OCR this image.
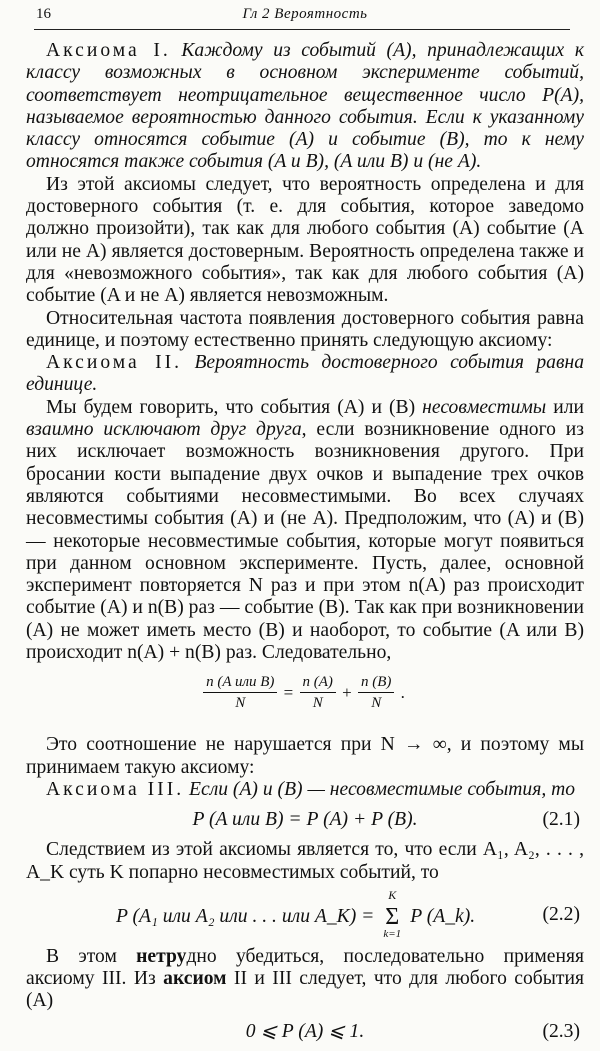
16	Гл 2 Вероятность

Аксиома I. Каждому из событий (A), принадлежащих к классу возможных в основном эксперименте событий, соответствует неотрицательное вещественное число P(A), называемое вероятностью данного события. Если к указанному классу относятся событие (A) и событие (B), то к нему относятся также события (A и B), (A или B) и (не A).

Из этой аксиомы следует, что вероятность определена и для достоверного события (т. е. для события, которое заведомо должно произойти), так как для любого события (A) событие (A или не A) является достоверным. Вероятность определена также и для «невозможного события», так как для любого события (A) событие (A и не A) является невозможным.

Относительная частота появления достоверного события равна единице, и поэтому естественно принять следующую аксиому:

Аксиома II. Вероятность достоверного события равна единице.

Мы будем говорить, что события (A) и (B) несовместимы или взаимно исключают друг друга, если возникновение одного из них исключает возможность возникновения другого. При бросании кости выпадение двух очков и выпадение трех очков являются событиями несовместимыми. Во всех случаях несовместимы события (A) и (не A). Предположим, что (A) и (B) — некоторые несовместимые события, которые могут появиться при данном основном эксперименте. Пусть, далее, основной эксперимент повторяется N раз и при этом n(A) раз происходит событие (A) и n(B) раз — событие (B). Так как при возникновении (A) не может иметь место (B) и наоборот, то событие (A или B) происходит n(A) + n(B) раз. Следовательно,

$\frac{\text{n (A или B)}}{N} = \frac{n (A)}{N} + \frac{n (B)}{N}$ .

Это соотношение не нарушается при N → ∞, и поэтому мы принимаем такую аксиому:

Аксиома III. Если (A) и (B) — несовместимые события, то

P (A или B) = P (A) + P (B).	(2.1)

Следствием из этой аксиомы является то, что если A₁, A₂, . . . , A_K суть K попарно несовместимых событий, то

P (A₁ или A₂ или . . . или A_K) =
K
Σ
k=1
P (A_k).	(2.2)

В этом нетрудно убедиться, последовательно применяя аксиому III. Из аксиом II и III следует, что для любого события (A)

0 ⩽ P (A) ⩽ 1.	(2.3)
